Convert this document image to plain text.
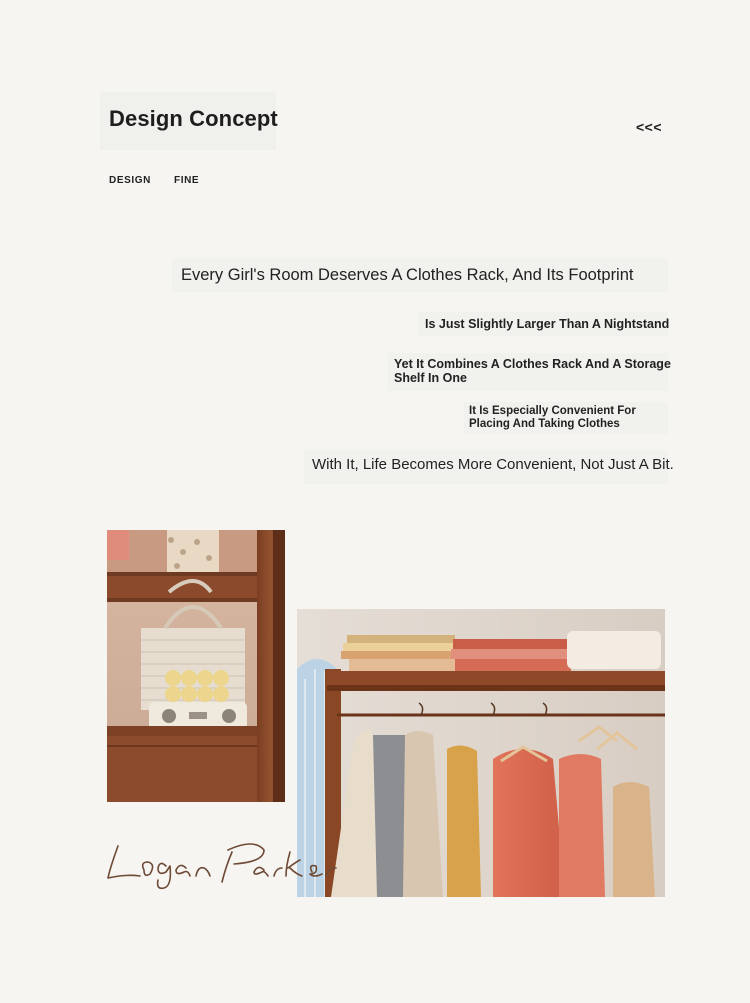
Design Concept	<<<
DESIGN FINE
Every Girl's Room Deserves A Clothes Rack, And Its Footprint
Is Just Slightly Larger Than A Nightstand
Yet It Combines A Clothes Rack And A Storage Shelf In One
It Is Especially Convenient For Placing And Taking Clothes
With It, Life Becomes More Convenient, Not Just A Bit.
